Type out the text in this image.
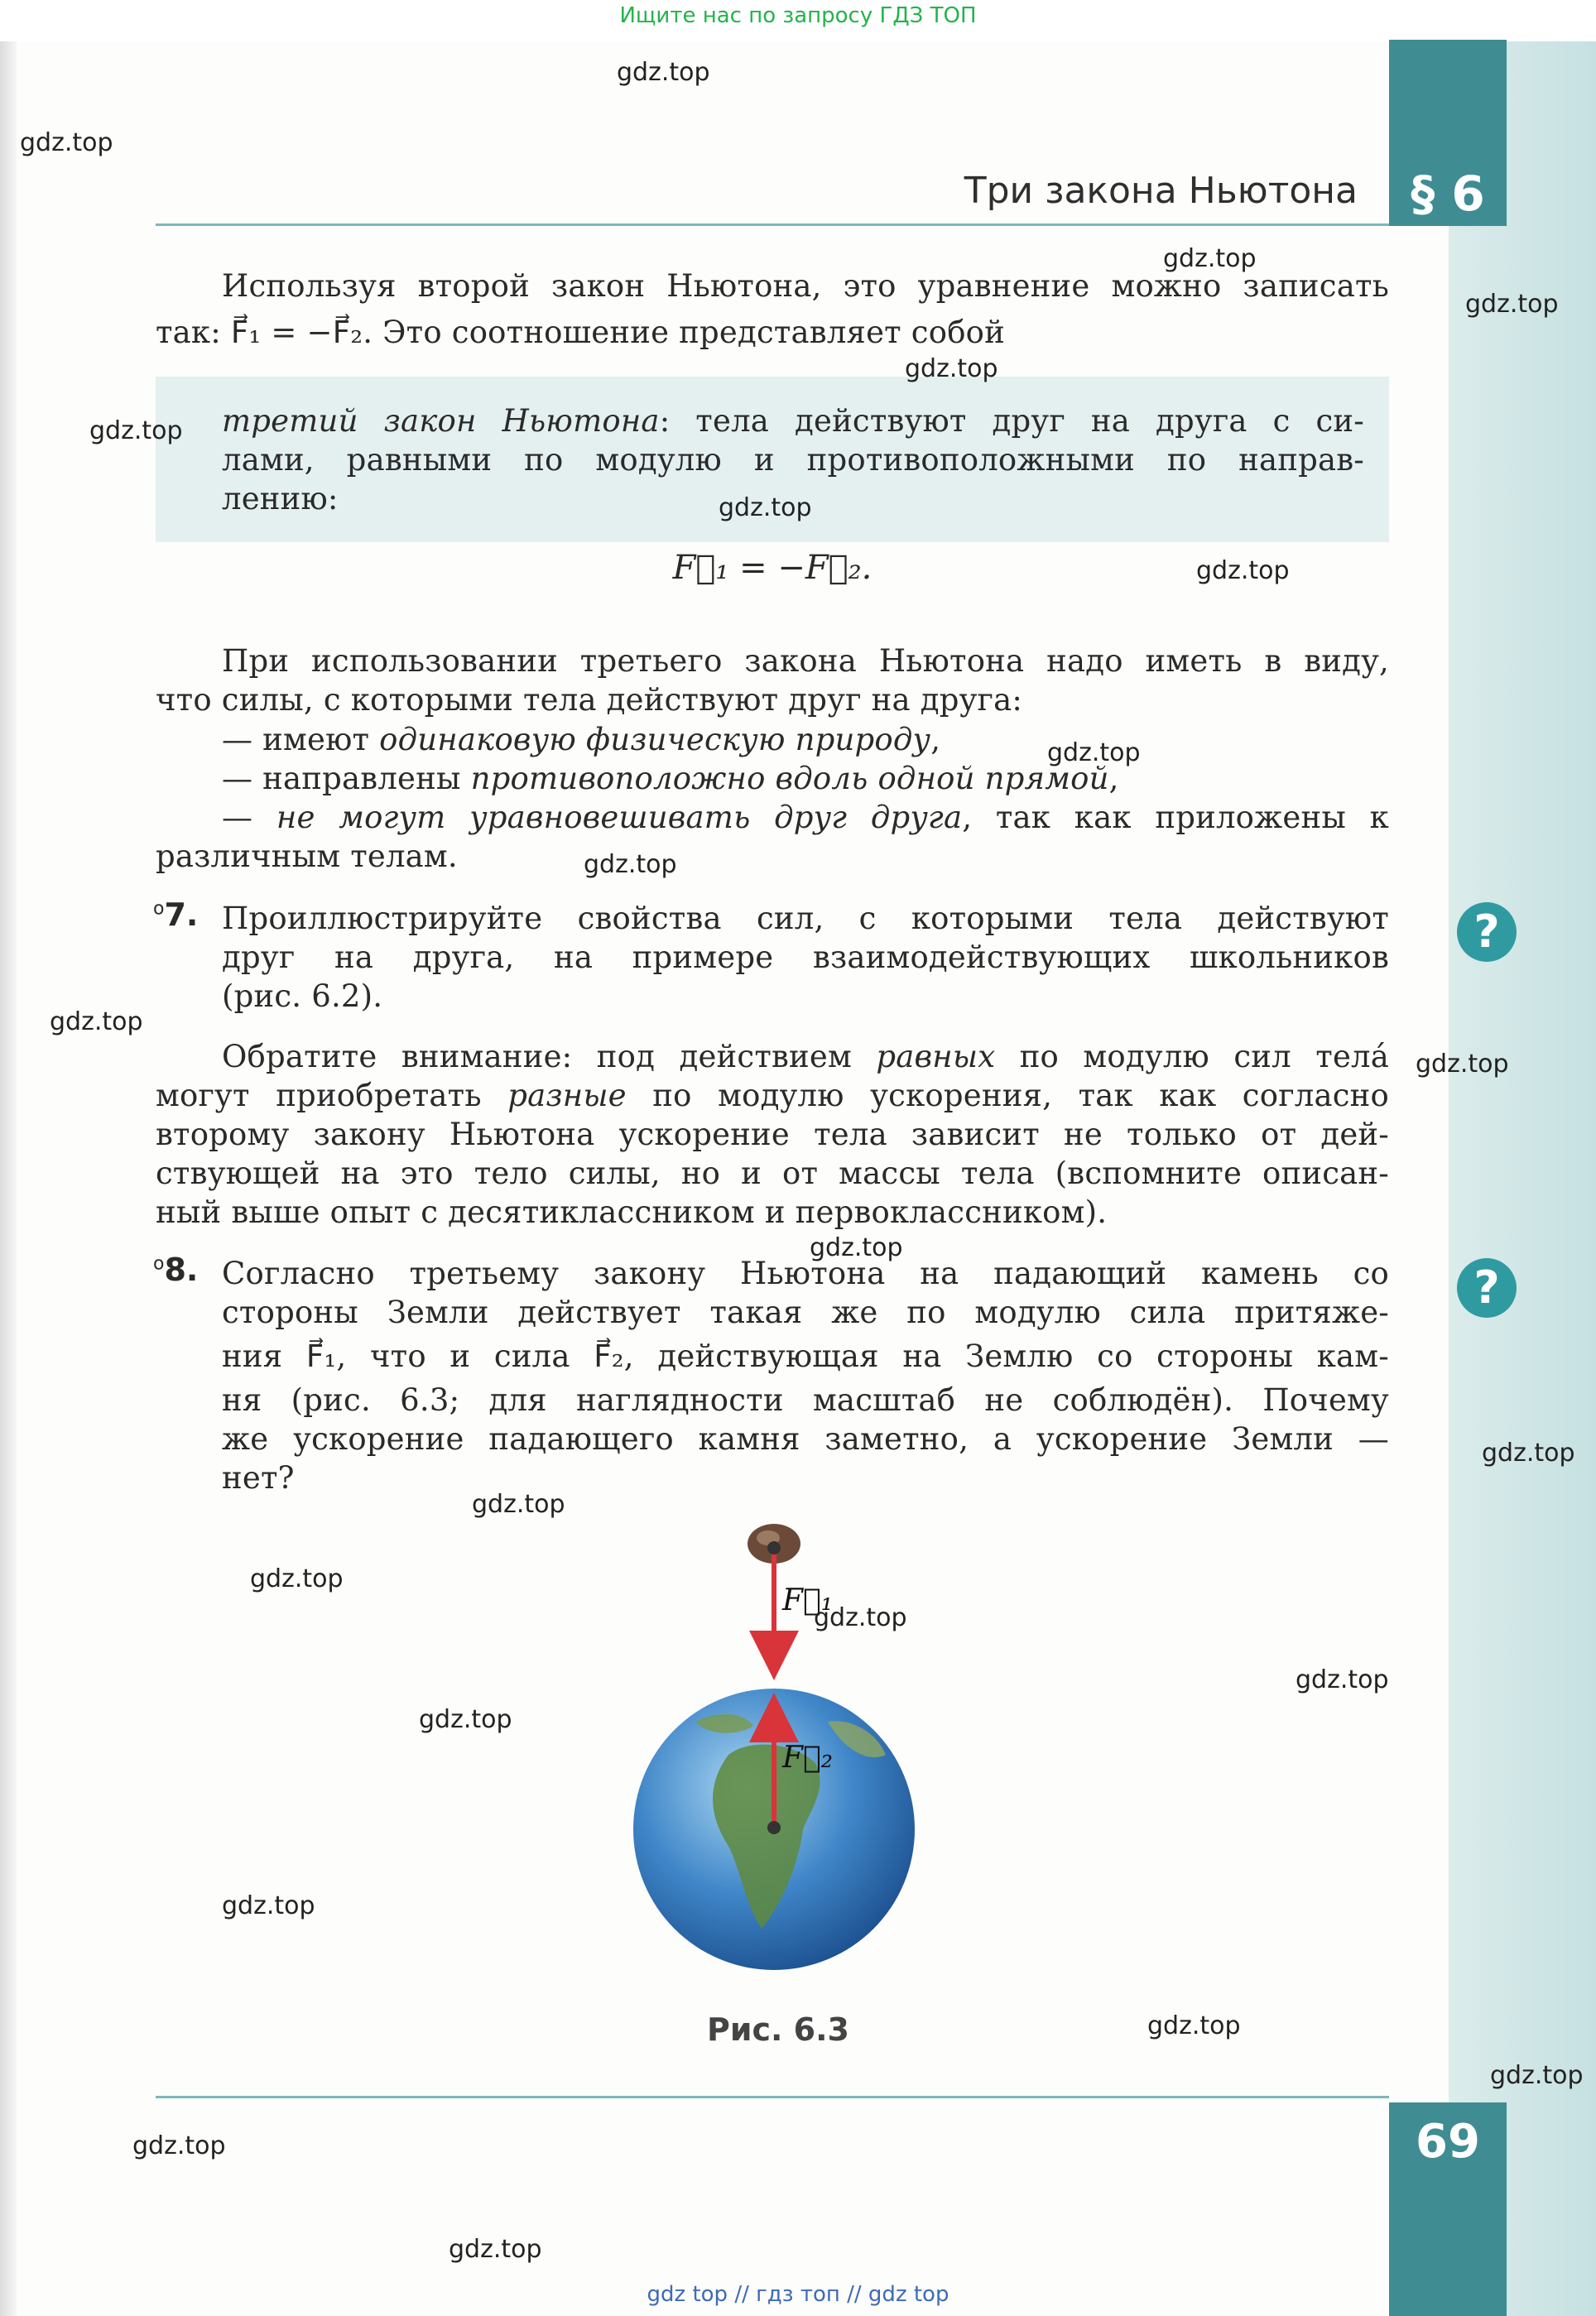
Ищите нас по запросу ГДЗ ТОП
Три закона Ньютона	§ 6
Используя второй закон Ньютона, это уравнение можно записать
так: F⃗₁ = −F⃗₂. Это соотношение представляет собой
третий закон Ньютона: тела действуют друг на друга с си-
лами, равными по модулю и противоположными по направ-
лению:
F⃗₁ = −F⃗₂.
При использовании третьего закона Ньютона надо иметь в виду,
что силы, с которыми тела действуют друг на друга:
— имеют одинаковую физическую природу,
— направлены противоположно вдоль одной прямой,
— не могут уравновешивать друг друга, так как приложены к
различным телам.
$^o$7. Проиллюстрируйте свойства сил, с которыми тела действуют
друг на друга, на примере взаимодействующих школьников
(рис. 6.2).
?
Обратите внимание: под действием равных по модулю сил тела́
могут приобретать разные по модулю ускорения, так как согласно
второму закону Ньютона ускорение тела зависит не только от дей-
ствующей на это тело силы, но и от массы тела (вспомните описан-
ный выше опыт с десятиклассником и первоклассником).
$^o$8. Согласно третьему закону Ньютона на падающий камень со
стороны Земли действует такая же по модулю сила притяже-
ния F⃗₁, что и сила F⃗₂, действующая на Землю со стороны кам-
ня (рис. 6.3; для наглядности масштаб не соблюдён). Почему
же ускорение падающего камня заметно, а ускорение Земли —
нет?
?
F⃗₁
F⃗₂
Рис. 6.3
69
gdz top // гдз топ // gdz top
gdz.top
gdz.top
gdz.top
gdz.top
gdz.top
gdz.top
gdz.top
gdz.top
gdz.top
gdz.top
gdz.top
gdz.top
gdz.top
gdz.top
gdz.top
gdz.top
gdz.top
gdz.top
gdz.top
gdz.top
gdz.top
gdz.top
gdz.top
gdz.top
